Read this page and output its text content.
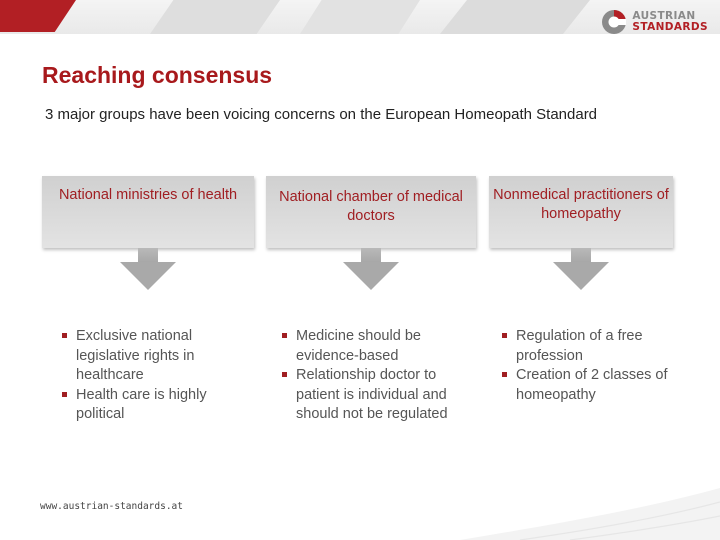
AUSTRIAN
STANDARDS
Reaching consensus

3 major groups have been voicing concerns on the European Homeopath Standard

National ministries of health	National chamber of medical doctors
Nonmedical practitioners of homeopathy
Exclusive national legislative rights in healthcare
Health care is highly political
Medicine should be evidence-based
Relationship doctor to patient is individual and should not be regulated
Regulation of a free profession
Creation of 2 classes of homeopathy
www.austrian-standards.at
